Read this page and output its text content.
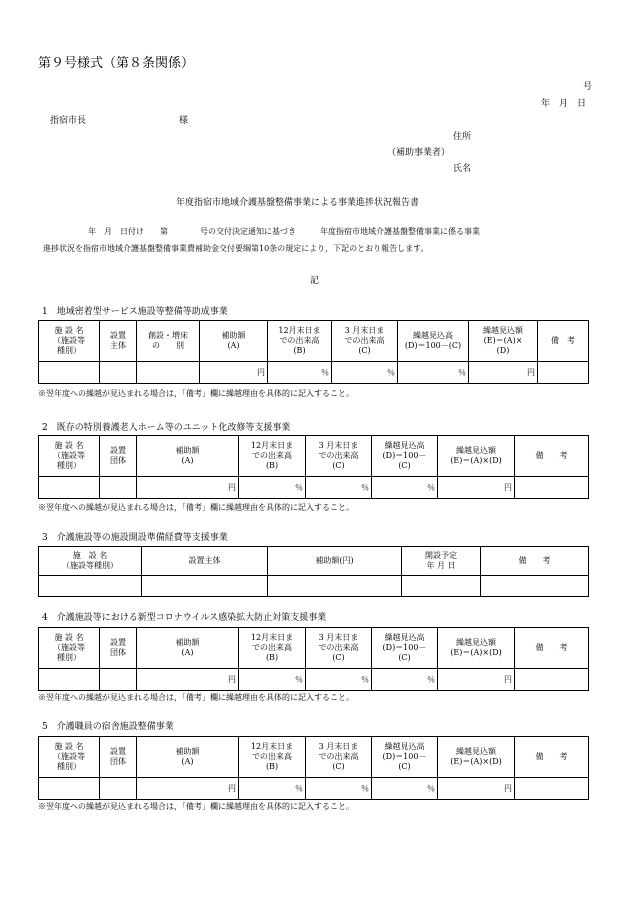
第９号様式（第８条関係）
号
年　月　日
指宿市長	様
住所
（補助事業者）
氏名
年度指宿市地域介護基盤整備事業による事業進捗状況報告書
年　月　日付け　　第　　　　号の交付決定通知に基づき　　　年度指宿市地域介護基盤整備事業に係る事業
進捗状況を指宿市地域介護基盤整備事業費補助金交付要綱第10条の規定により，下記のとおり報告します。
記
1　地域密着型サービス施設等整備等助成事業
施 設 名
（施設等
種別）	設置
主体	創設・増床
の　　別	補助額
(A)	12月末日ま
での出来高
(B)	3 月末日ま
での出来高
(C)	繰越見込高
(D)＝100－(C)	繰越見込額
(E)＝(A)×
(D)	備　考
			円	％	％	％	円	
※翌年度への繰越が見込まれる場合は，「備考」欄に繰越理由を具体的に記入すること。
2　既存の特別養護老人ホーム等のユニット化改修等支援事業
施 設 名
（施設等
種別）	設置
団体	補助額
(A)	12月末日ま
での出来高
(B)	3 月末日ま
での出来高
(C)	繰越見込高
(D)＝100－
(C)	繰越見込額
(E)＝(A)×(D)	備　　考
		円	％	％	％	円	
※翌年度への繰越が見込まれる場合は，「備考」欄に繰越理由を具体的に記入すること。
3　介護施設等の施設開設準備経費等支援事業
施　設 名
（施設等種別）	設置主体	補助額(円)	開設予定
年 月 日	備　　考

4　介護施設等における新型コロナウイルス感染拡大防止対策支援事業
施 設 名
（施設等
種別）	設置
団体	補助額
(A)	12月末日ま
での出来高
(B)	3 月末日ま
での出来高
(C)	繰越見込高
(D)＝100－
(C)	繰越見込額
(E)＝(A)×(D)	備　　考
		円	％	％	％	円	
※翌年度への繰越が見込まれる場合は，「備考」欄に繰越理由を具体的に記入すること。
5　介護職員の宿舎施設整備事業
施 設 名
（施設等
種別）	設置
団体	補助額
(A)	12月末日ま
での出来高
(B)	3 月末日ま
での出来高
(C)	繰越見込高
(D)＝100－
(C)	繰越見込額
(E)＝(A)×(D)	備　　考
		円	％	％	％	円	
※翌年度への繰越が見込まれる場合は，「備考」欄に繰越理由を具体的に記入すること。
